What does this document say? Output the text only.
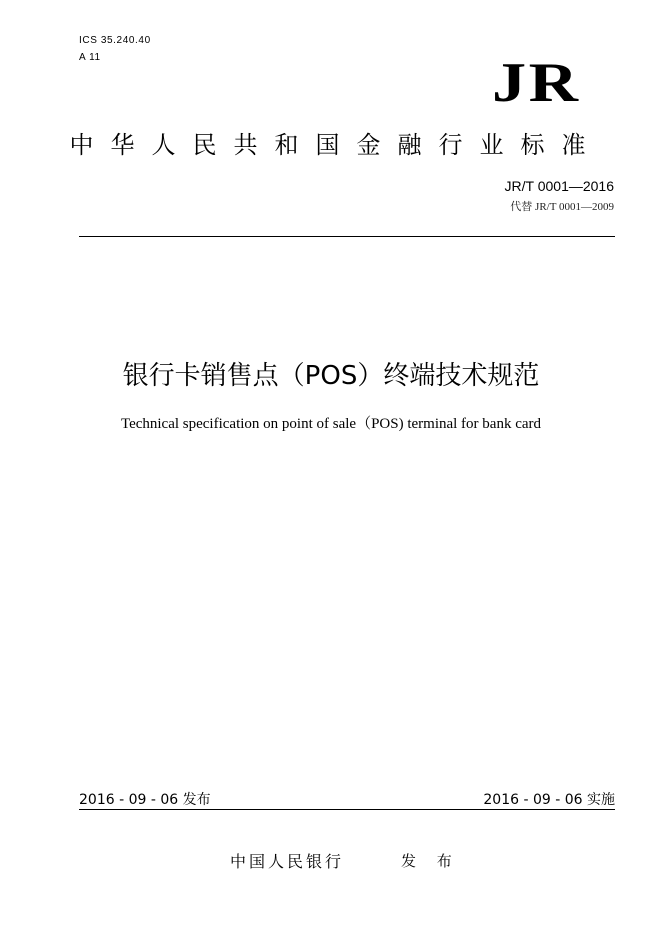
ICS 35.240.40
A 11	JR
中华人民共和国金融行业标准
JR/T 0001—2016
代替 JR/T 0001—2009
银行卡销售点（POS）终端技术规范
Technical specification on point of sale（POS) terminal for bank card
2016 - 09 - 06 发布	2016 - 09 - 06 实施
中国人民银行	发 布
